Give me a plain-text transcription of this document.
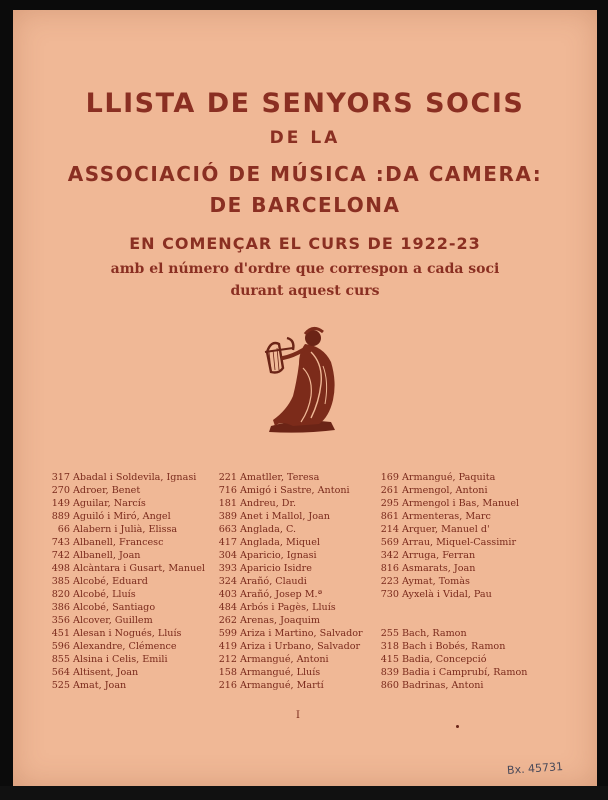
LLISTA DE SENYORS SOCIS
DE LA
ASSOCIACIÓ DE MÚSICA :DA CAMERA:
DE BARCELONA
EN COMENÇAR EL CURS DE 1922-23
amb el número d'ordre que correspon a cada soci
durant aquest curs
317 Abadal i Soldevila, Ignasi
270 Adroer, Benet
149 Aguilar, Narcís
889 Aguiló i Miró, Angel
66 Alabern i Julià, Elissa
743 Albanell, Francesc
742 Albanell, Joan
498 Alcàntara i Gusart, Manuel
385 Alcobé, Eduard
820 Alcobé, Lluís
386 Alcobé, Santiago
356 Alcover, Guillem
451 Alesan i Nogués, Lluís
596 Alexandre, Clémence
855 Alsina i Celis, Emili
564 Altisent, Joan
525 Amat, Joan
221 Amatller, Teresa
716 Amigó i Sastre, Antoni
181 Andreu, Dr.
389 Anet i Mallol, Joan
663 Anglada, C.
417 Anglada, Miquel
304 Aparicio, Ignasi
393 Aparicio Isidre
324 Arañó, Claudi
403 Arañó, Josep M.ª
484 Arbós i Pagès, Lluís
262 Arenas, Joaquim
599 Ariza i Martino, Salvador
419 Ariza i Urbano, Salvador
212 Armangué, Antoni
158 Armangué, Lluís
216 Armangué, Martí
169 Armangué, Paquita
261 Armengol, Antoni
295 Armengol i Bas, Manuel
861 Armenteras, Marc
214 Arquer, Manuel d'
569 Arrau, Miquel-Cassimir
342 Arruga, Ferran
816 Asmarats, Joan
223 Aymat, Tomàs
730 Ayxelà i Vidal, Pau
255 Bach, Ramon
318 Bach i Bobés, Ramon
415 Badia, Concepció
839 Badia i Camprubí, Ramon
860 Badrinas, Antoni
I
Bx. 45731
